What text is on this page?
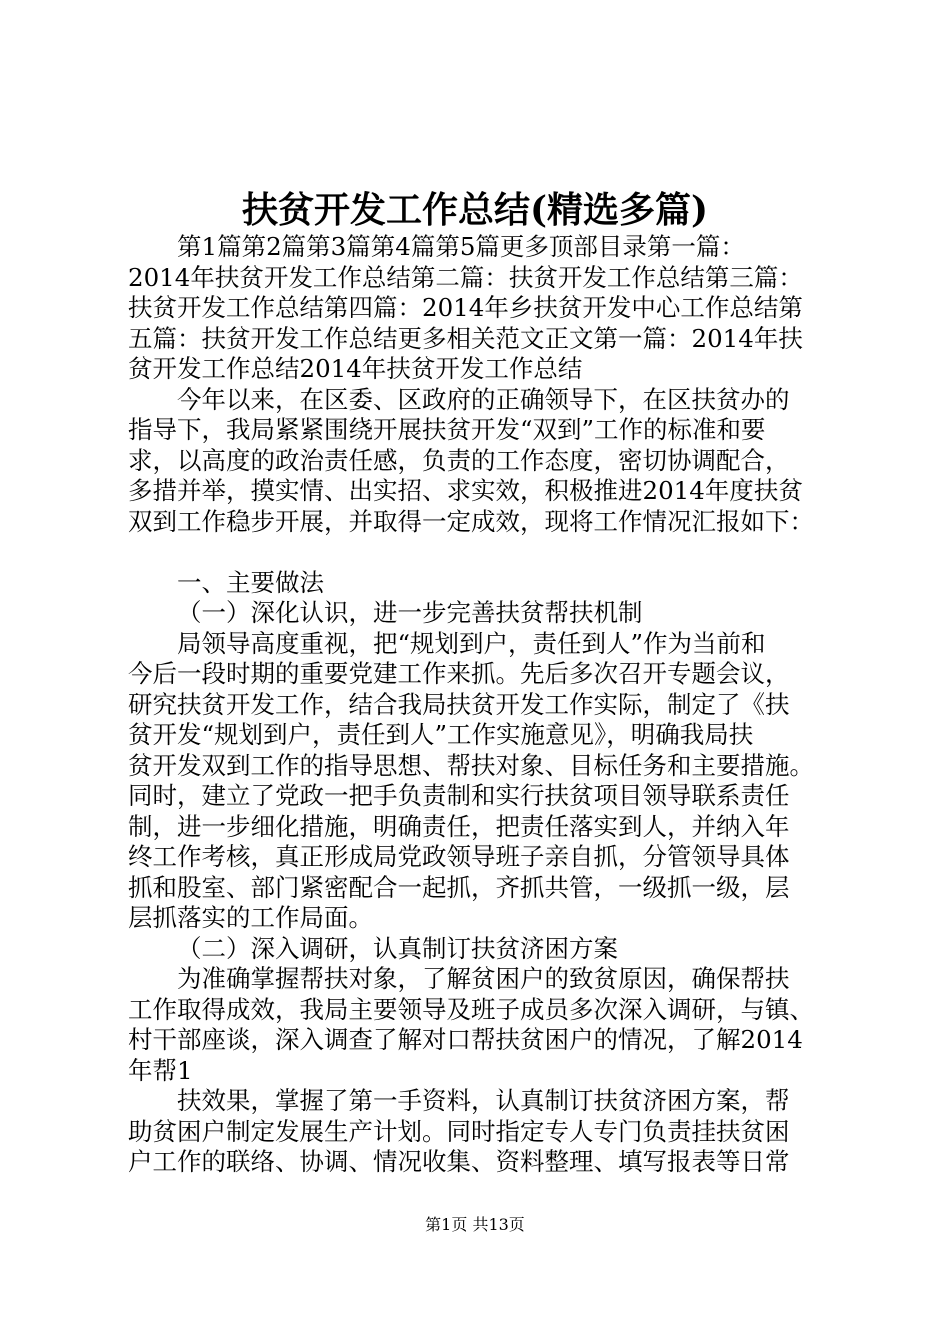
扶贫开发工作总结(精选多篇)
第1篇第2篇第3篇第4篇第5篇更多顶部目录第一篇：
2014年扶贫开发工作总结第二篇：扶贫开发工作总结第三篇：
扶贫开发工作总结第四篇：2014年乡扶贫开发中心工作总结第
五篇：扶贫开发工作总结更多相关范文正文第一篇：2014年扶
贫开发工作总结2014年扶贫开发工作总结
今年以来，在区委、区政府的正确领导下，在区扶贫办的
指导下，我局紧紧围绕开展扶贫开发“双到”工作的标准和要
求，以高度的政治责任感，负责的工作态度，密切协调配合，
多措并举，摸实情、出实招、求实效，积极推进2014年度扶贫
双到工作稳步开展，并取得一定成效，现将工作情况汇报如下：
一、主要做法
（一）深化认识，进一步完善扶贫帮扶机制
局领导高度重视，把“规划到户，责任到人”作为当前和
今后一段时期的重要党建工作来抓。先后多次召开专题会议，
研究扶贫开发工作，结合我局扶贫开发工作实际，制定了《扶
贫开发“规划到户，责任到人”工作实施意见》，明确我局扶
贫开发双到工作的指导思想、帮扶对象、目标任务和主要措施。
同时，建立了党政一把手负责制和实行扶贫项目领导联系责任
制，进一步细化措施，明确责任，把责任落实到人，并纳入年
终工作考核，真正形成局党政领导班子亲自抓，分管领导具体
抓和股室、部门紧密配合一起抓，齐抓共管，一级抓一级，层
层抓落实的工作局面。
（二）深入调研，认真制订扶贫济困方案
为准确掌握帮扶对象，了解贫困户的致贫原因，确保帮扶
工作取得成效，我局主要领导及班子成员多次深入调研，与镇、
村干部座谈，深入调查了解对口帮扶贫困户的情况，了解2014
年帮1
扶效果，掌握了第一手资料，认真制订扶贫济困方案，帮
助贫困户制定发展生产计划。同时指定专人专门负责挂扶贫困
户工作的联络、协调、情况收集、资料整理、填写报表等日常
第1页 共13页
